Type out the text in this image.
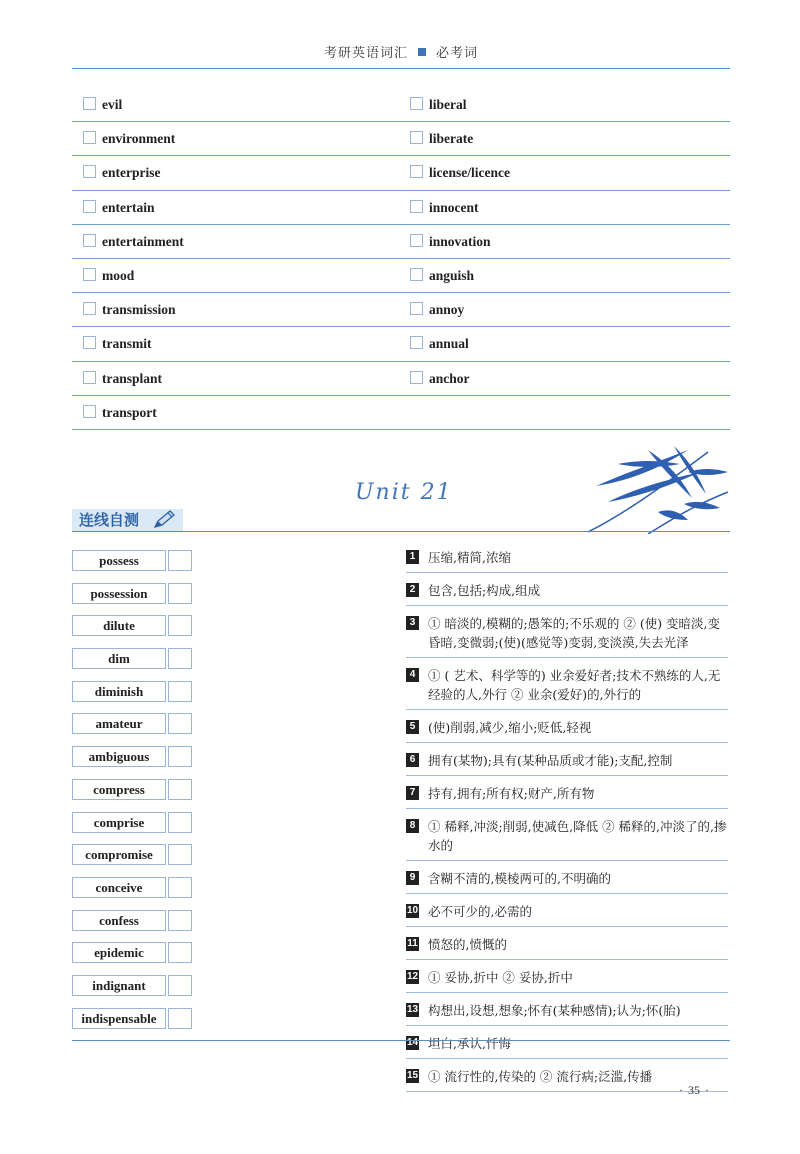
考研英语词汇 必考词
evil	liberal
environment	liberate
enterprise	license/licence
entertain	innocent
entertainment	innovation
mood	anguish
transmission	annoy
transmit	annual
transplant	anchor
transport
Unit 21
连线自测
possess
possession
dilute
dim
diminish
amateur
ambiguous
compress
comprise
compromise
conceive
confess
epidemic
indignant
indispensable
1 压缩,精简,浓缩
2 包含,包括;构成,组成
3 ① 暗淡的,模糊的;愚笨的;不乐观的 ② (使) 变暗淡,变昏暗,变微弱;(使)(感觉等)变弱,变淡漠,失去光泽
4 ① ( 艺术、科学等的) 业余爱好者;技术不熟练的人,无经验的人,外行 ② 业余(爱好)的,外行的
5 (使)削弱,减少,缩小;贬低,轻视
6 拥有(某物);具有(某种品质或才能);支配,控制
7 持有,拥有;所有权;财产,所有物
8 ① 稀释,冲淡;削弱,使减色,降低 ② 稀释的,冲淡了的,掺水的
9 含糊不清的,模棱两可的,不明确的
10 必不可少的,必需的
11 愤怒的,愤慨的
12 ① 妥协,折中 ② 妥协,折中
13 构想出,设想,想象;怀有(某种感情);认为;怀(胎)
14 坦白,承认,忏悔
15 ① 流行性的,传染的 ② 流行病;泛滥,传播
· 35 ·
